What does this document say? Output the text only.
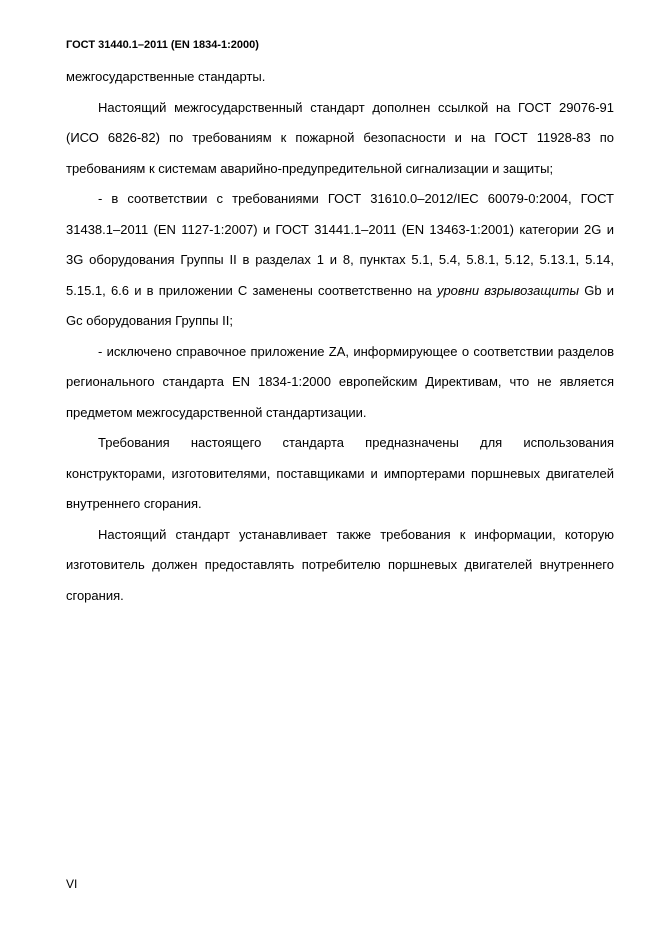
ГОСТ 31440.1–2011 (EN 1834-1:2000)

межгосударственные стандарты.

Настоящий межгосударственный стандарт дополнен ссылкой на ГОСТ 29076-91 (ИСО 6826-82) по требованиям к пожарной безопасности и на ГОСТ 11928-83 по требованиям к системам аварийно-предупредительной сигнализации и защиты;

- в соответствии с требованиями ГОСТ 31610.0–2012/IEC 60079-0:2004, ГОСТ 31438.1–2011 (EN 1127-1:2007) и ГОСТ 31441.1–2011 (EN 13463-1:2001) категории 2G и 3G оборудования Группы II в разделах 1 и 8, пунктах 5.1, 5.4, 5.8.1, 5.12, 5.13.1, 5.14, 5.15.1, 6.6 и в приложении С заменены соответственно на уровни взрывозащиты Gb и Gc оборудования Группы II;

- исключено справочное приложение ZA, информирующее о соответствии разделов регионального стандарта EN 1834-1:2000 европейским Директивам, что не является предметом межгосударственной стандартизации.

Требования настоящего стандарта предназначены для использования конструкторами, изготовителями, поставщиками и импортерами поршневых двигателей внутреннего сгорания.

Настоящий стандарт устанавливает также требования к информации, которую изготовитель должен предоставлять потребителю поршневых двигателей внутреннего сгорания.

VI
